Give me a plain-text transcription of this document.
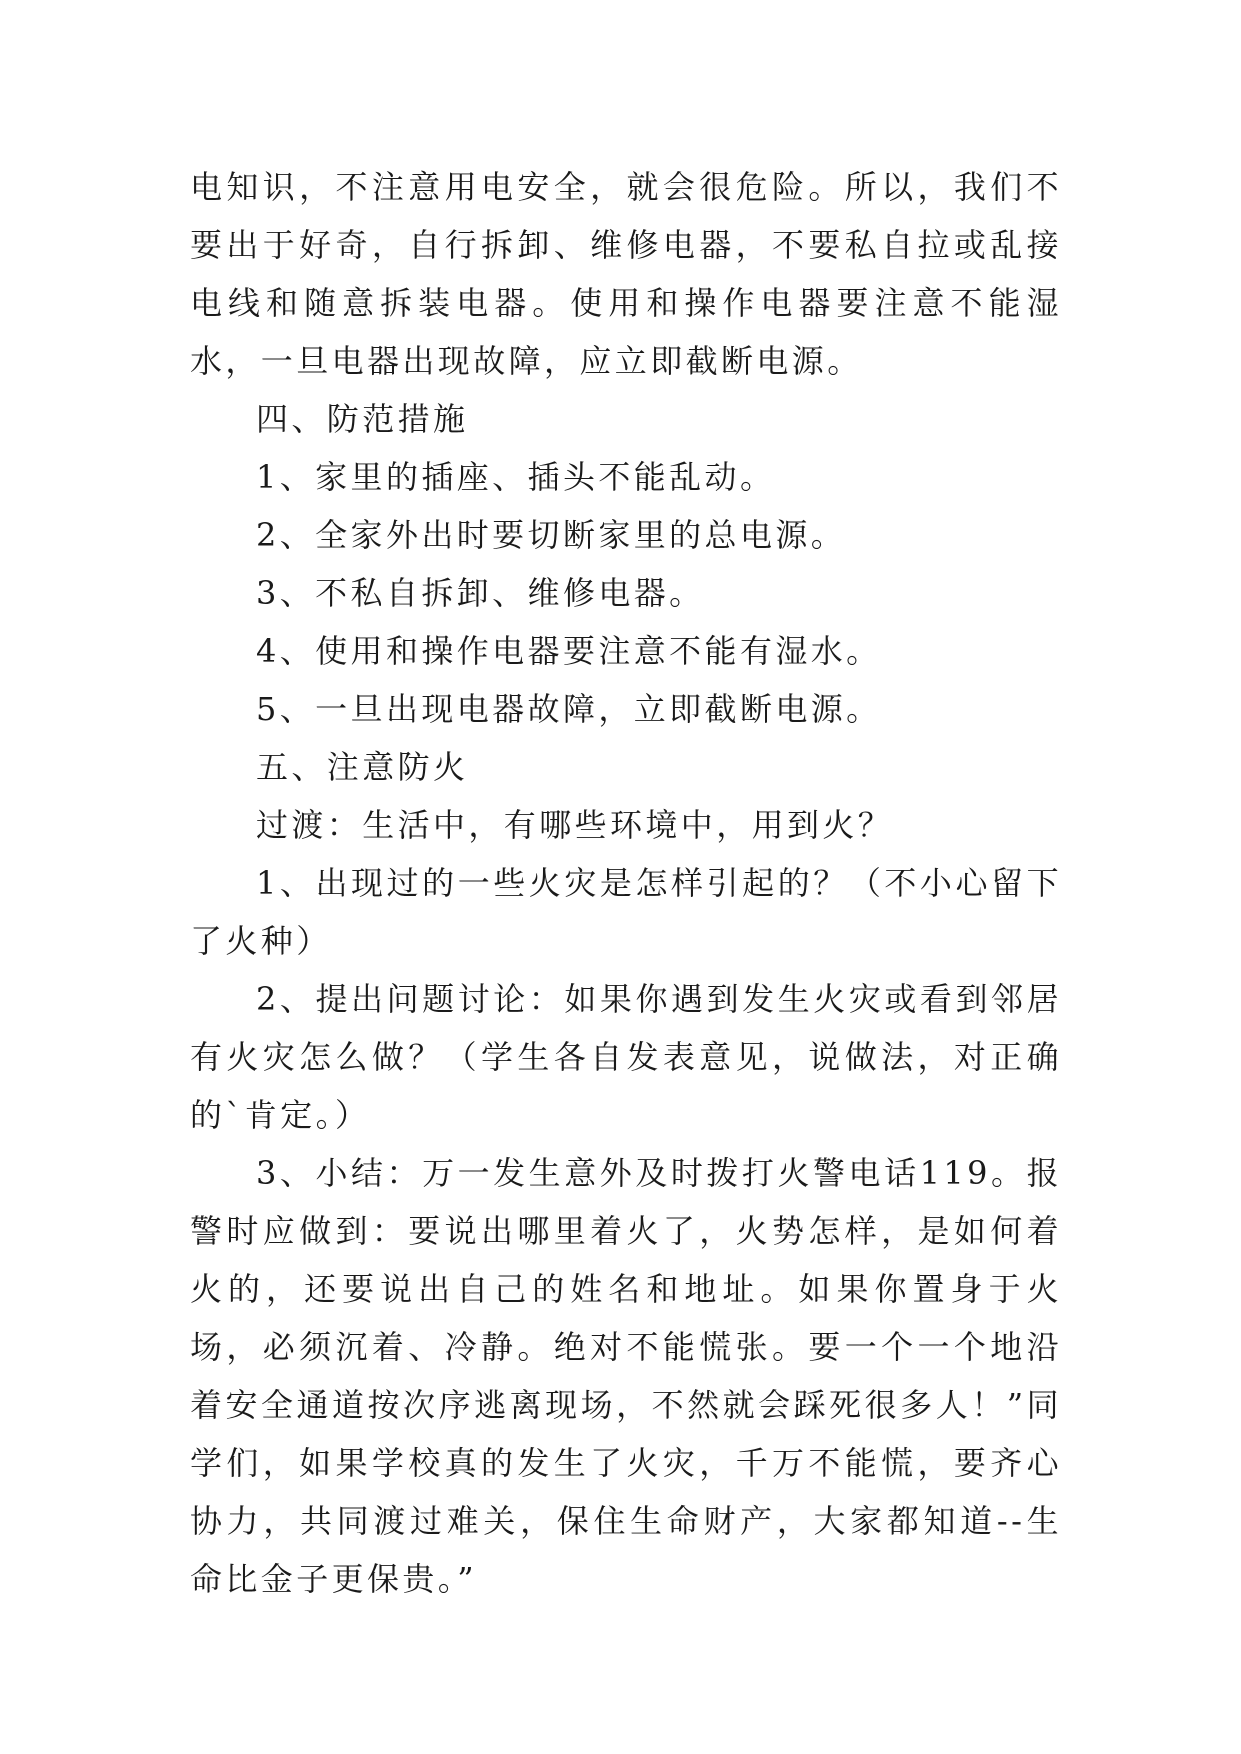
电知识，不注意用电安全，就会很危险。所以，我们不要出于好奇，自行拆卸、维修电器，不要私自拉或乱接电线和随意拆装电器。使用和操作电器要注意不能湿水，一旦电器出现故障，应立即截断电源。

四、防范措施

1、家里的插座、插头不能乱动。

2、全家外出时要切断家里的总电源。

3、不私自拆卸、维修电器。

4、使用和操作电器要注意不能有湿水。

5、一旦出现电器故障，立即截断电源。

五、注意防火

过渡：生活中，有哪些环境中，用到火？

1、出现过的一些火灾是怎样引起的？（不小心留下了火种）

2、提出问题讨论：如果你遇到发生火灾或看到邻居有火灾怎么做？（学生各自发表意见，说做法，对正确的`肯定。）

3、小结：万一发生意外及时拨打火警电话119。报警时应做到：要说出哪里着火了，火势怎样，是如何着火的，还要说出自己的姓名和地址。如果你置身于火场，必须沉着、冷静。绝对不能慌张。要一个一个地沿着安全通道按次序逃离现场，不然就会踩死很多人！”同学们，如果学校真的发生了火灾，千万不能慌，要齐心协力，共同渡过难关，保住生命财产，大家都知道--生命比金子更保贵。”
